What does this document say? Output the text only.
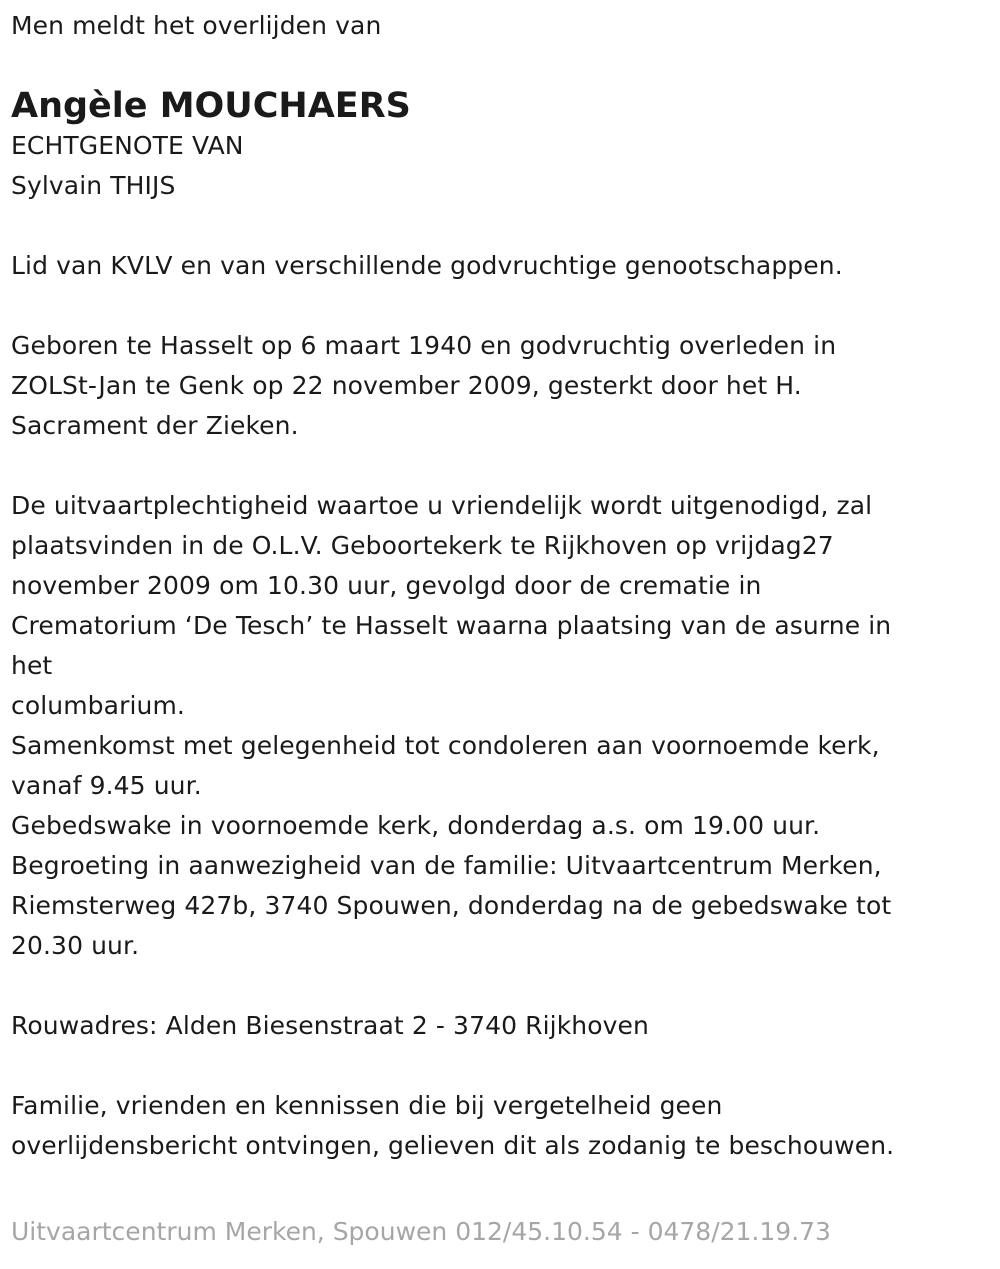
Men meldt het overlijden van
Angèle MOUCHAERS
ECHTGENOTE VAN
Sylvain THIJS
Lid van KVLV en van verschillende godvruchtige genootschappen.
Geboren te Hasselt op 6 maart 1940 en godvruchtig overleden in
ZOLSt-Jan te Genk op 22 november 2009, gesterkt door het H.
Sacrament der Zieken.
De uitvaartplechtigheid waartoe u vriendelijk wordt uitgenodigd, zal
plaatsvinden in de O.L.V. Geboortekerk te Rijkhoven op vrijdag27
november 2009 om 10.30 uur, gevolgd door de crematie in
Crematorium ‘De Tesch’ te Hasselt waarna plaatsing van de asurne in
het
columbarium.
Samenkomst met gelegenheid tot condoleren aan voornoemde kerk,
vanaf 9.45 uur.
Gebedswake in voornoemde kerk, donderdag a.s. om 19.00 uur.
Begroeting in aanwezigheid van de familie: Uitvaartcentrum Merken,
Riemsterweg 427b, 3740 Spouwen, donderdag na de gebedswake tot
20.30 uur.
Rouwadres: Alden Biesenstraat 2 - 3740 Rijkhoven
Familie, vrienden en kennissen die bij vergetelheid geen
overlijdensbericht ontvingen, gelieven dit als zodanig te beschouwen.
Uitvaartcentrum Merken, Spouwen 012/45.10.54 - 0478/21.19.73
